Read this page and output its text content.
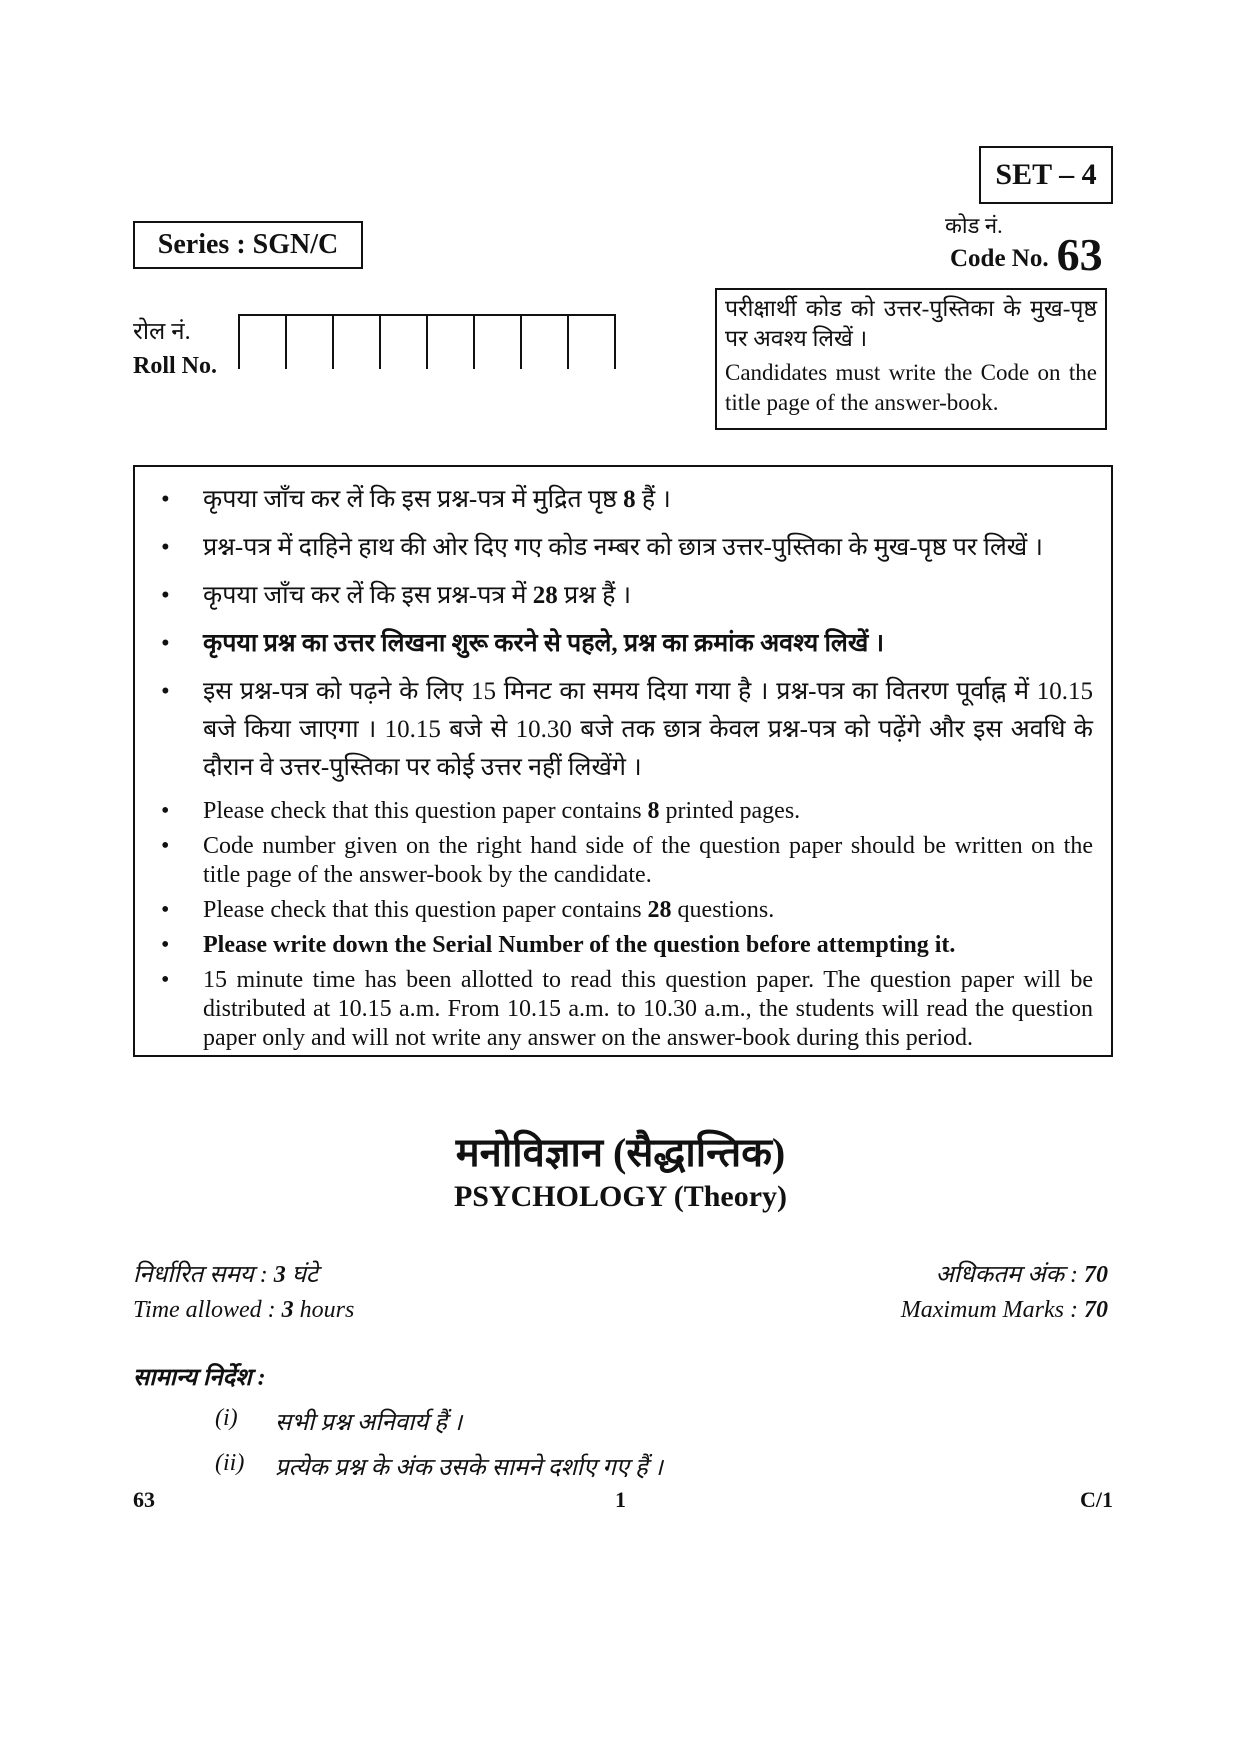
SET – 4
कोड नं.
Code No. 63
Series : SGN/C
रोल नं.
Roll No.

परीक्षार्थी कोड को उत्तर-पुस्तिका के मुख-पृष्ठ पर अवश्य लिखें ।

Candidates must write the Code on the title page of the answer-book.

•	कृपया जाँच कर लें कि इस प्रश्न-पत्र में मुद्रित पृष्ठ 8 हैं ।
•	प्रश्न-पत्र में दाहिने हाथ की ओर दिए गए कोड नम्बर को छात्र उत्तर-पुस्तिका के मुख-पृष्ठ पर लिखें ।
•	कृपया जाँच कर लें कि इस प्रश्न-पत्र में 28 प्रश्न हैं ।
•	कृपया प्रश्न का उत्तर लिखना शुरू करने से पहले, प्रश्न का क्रमांक अवश्य लिखें ।
•	इस प्रश्न-पत्र को पढ़ने के लिए 15 मिनट का समय दिया गया है । प्रश्न-पत्र का वितरण पूर्वाह्न में 10.15 बजे किया जाएगा । 10.15 बजे से 10.30 बजे तक छात्र केवल प्रश्न-पत्र को पढ़ेंगे और इस अवधि के दौरान वे उत्तर-पुस्तिका पर कोई उत्तर नहीं लिखेंगे ।
•	Please check that this question paper contains 8 printed pages.
•	Code number given on the right hand side of the question paper should be written on the title page of the answer-book by the candidate.
•	Please check that this question paper contains 28 questions.
•	Please write down the Serial Number of the question before attempting it.
•	15 minute time has been allotted to read this question paper. The question paper will be distributed at 10.15 a.m. From 10.15 a.m. to 10.30 a.m., the students will read the question paper only and will not write any answer on the answer-book during this period.
मनोविज्ञान (सैद्धान्तिक)
PSYCHOLOGY (Theory)
निर्धारित समय : 3 घंटे
Time allowed : 3 hours
अधिकतम अंक : 70
Maximum Marks : 70
सामान्य निर्देश :
(i)	सभी प्रश्न अनिवार्य हैं ।
(ii)	प्रत्येक प्रश्न के अंक उसके सामने दर्शाए गए हैं ।
63	1	C/1
